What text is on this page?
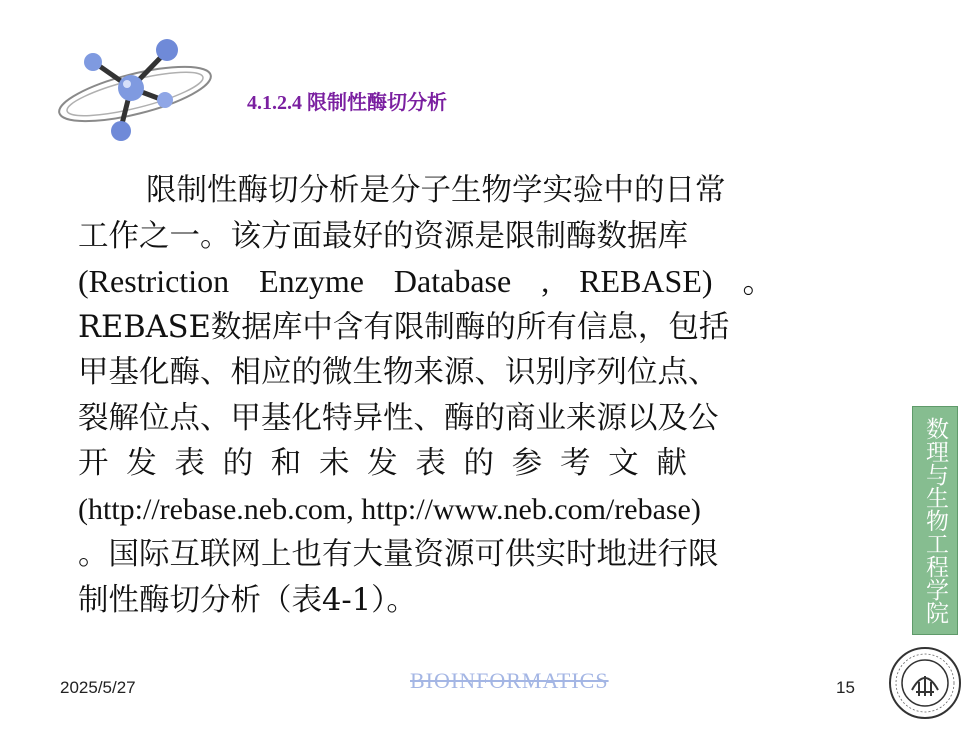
4.1.2.4 限制性酶切分析
限制性酶切分析是分子生物学实验中的日常
工作之一。该方面最好的资源是限制酶数据库
(Restriction Enzyme Database , REBASE) 。
REBASE数据库中含有限制酶的所有信息，包括
甲基化酶、相应的微生物来源、识别序列位点、
裂解位点、甲基化特异性、酶的商业来源以及公
开 发 表 的 和 未 发 表 的 参 考 文 献
(http://rebase.neb.com, http://www.neb.com/rebase)
。国际互联网上也有大量资源可供实时地进行限
制性酶切分析（表4-1）。	数理与生物工程学院
2025/5/27	BIOINFORMATICS	15
